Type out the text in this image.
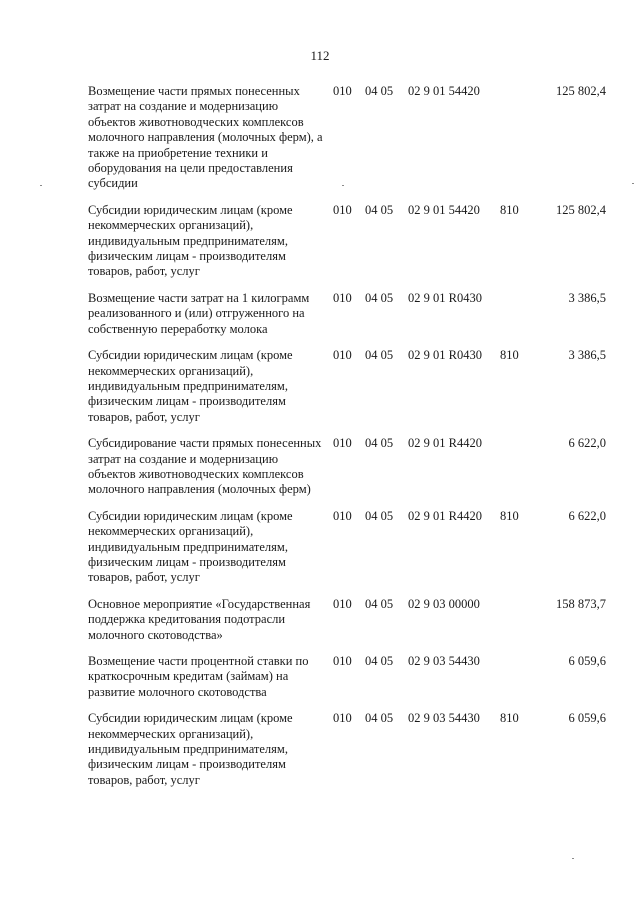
112
Возмещение части прямых понесенных затрат на создание и модернизацию объектов животноводческих комплексов молочного направления (молочных ферм), а также на приобретение техники и оборудования на цели предоставления субсидии
010 04 05 02 9 01 54420	125 802,4
Субсидии юридическим лицам (кроме некоммерческих организаций), индивидуальным предпринимателям, физическим лицам - производителям товаров, работ, услуг
010 04 05 02 9 01 54420 810	125 802,4
Возмещение части затрат на 1 килограмм реализованного и (или) отгруженного на собственную переработку молока
010 04 05 02 9 01 R0430	3 386,5
Субсидии юридическим лицам (кроме некоммерческих организаций), индивидуальным предпринимателям, физическим лицам - производителям товаров, работ, услуг
010 04 05 02 9 01 R0430 810	3 386,5
Субсидирование части прямых понесенных затрат на создание и модернизацию объектов животноводческих комплексов молочного направления (молочных ферм)
010 04 05 02 9 01 R4420	6 622,0
Субсидии юридическим лицам (кроме некоммерческих организаций), индивидуальным предпринимателям, физическим лицам - производителям товаров, работ, услуг
010 04 05 02 9 01 R4420 810	6 622,0
Основное мероприятие «Государственная поддержка кредитования подотрасли молочного скотоводства»
010 04 05 02 9 03 00000	158 873,7
Возмещение части процентной ставки по краткосрочным кредитам (займам) на развитие молочного скотоводства
010 04 05 02 9 03 54430	6 059,6
Субсидии юридическим лицам (кроме некоммерческих организаций), индивидуальным предпринимателям, физическим лицам - производителям товаров, работ, услуг
010 04 05 02 9 03 54430 810	6 059,6
